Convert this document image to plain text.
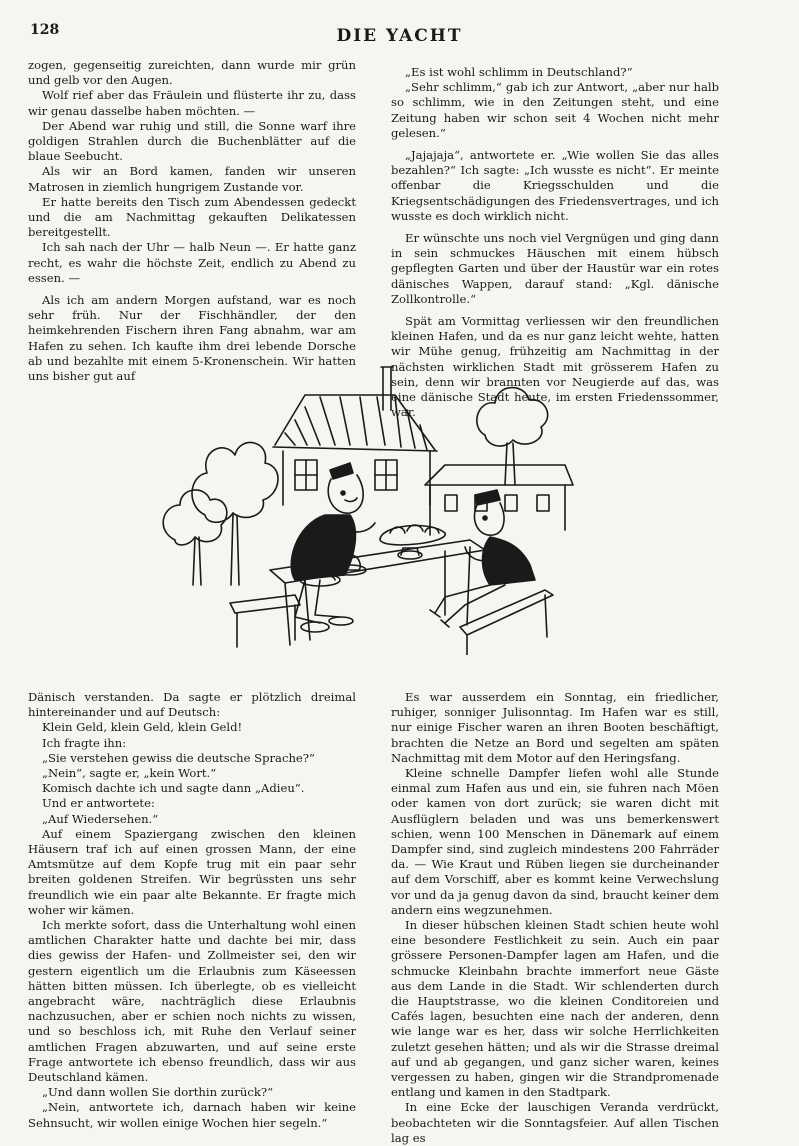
128	DIE YACHT

zogen, gegenseitig zureichten, dann wurde mir grün und gelb vor den Augen.

Wolf rief aber das Fräulein und flüsterte ihr zu, dass wir genau dasselbe haben möchten. —

Der Abend war ruhig und still, die Sonne warf ihre goldigen Strahlen durch die Buchenblätter auf die blaue Seebucht.

Als wir an Bord kamen, fanden wir unseren Matrosen in ziemlich hungrigem Zustande vor.

Er hatte bereits den Tisch zum Abendessen gedeckt und die am Nachmittag gekauften Delikatessen bereitgestellt.

Ich sah nach der Uhr — halb Neun —. Er hatte ganz recht, es wahr die höchste Zeit, endlich zu Abend zu essen. —

Als ich am andern Morgen aufstand, war es noch sehr früh. Nur der Fischhändler, der den heimkehrenden Fischern ihren Fang abnahm, war am Hafen zu sehen. Ich kaufte ihm drei lebende Dorsche ab und bezahlte mit einem 5-Kronenschein. Wir hatten uns bisher gut auf

„Es ist wohl schlimm in Deutschland?“

„Sehr schlimm,“ gab ich zur Antwort, „aber nur halb so schlimm, wie in den Zeitungen steht, und eine Zeitung haben wir schon seit 4 Wochen nicht mehr gelesen.“

„Jajajaja“, antwortete er. „Wie wollen Sie das alles bezahlen?“ Ich sagte: „Ich wusste es nicht“. Er meinte offenbar die Kriegsschulden und die Kriegsentschädigungen des Friedensvertrages, und ich wusste es doch wirklich nicht.

Er wünschte uns noch viel Vergnügen und ging dann in sein schmuckes Häuschen mit einem hübsch gepflegten Garten und über der Haustür war ein rotes dänisches Wappen, darauf stand: „Kgl. dänische Zollkontrolle.“

Spät am Vormittag verliessen wir den freundlichen kleinen Hafen, und da es nur ganz leicht wehte, hatten wir Mühe genug, frühzeitig am Nachmittag in der nächsten wirklichen Stadt mit grösserem Hafen zu sein, denn wir brannten vor Neugierde auf das, was eine dänische Stadt heute, im ersten Friedenssommer, war.

Dänisch verstanden. Da sagte er plötzlich dreimal hintereinander und auf Deutsch:

Klein Geld, klein Geld, klein Geld!

Ich fragte ihn:

„Sie verstehen gewiss die deutsche Sprache?“

„Nein“, sagte er, „kein Wort.“

Komisch dachte ich und sagte dann „Adieu“.

Und er antwortete:

„Auf Wiedersehen.“

Auf einem Spaziergang zwischen den kleinen Häusern traf ich auf einen grossen Mann, der eine Amtsmütze auf dem Kopfe trug mit ein paar sehr breiten goldenen Streifen. Wir begrüssten uns sehr freundlich wie ein paar alte Bekannte. Er fragte mich woher wir kämen.

Ich merkte sofort, dass die Unterhaltung wohl einen amtlichen Charakter hatte und dachte bei mir, dass dies gewiss der Hafen- und Zollmeister sei, den wir gestern eigentlich um die Erlaubnis zum Käseessen hätten bitten müssen. Ich überlegte, ob es vielleicht angebracht wäre, nachträglich diese Erlaubnis nachzusuchen, aber er schien noch nichts zu wissen, und so beschloss ich, mit Ruhe den Verlauf seiner amtlichen Fragen abzuwarten, und auf seine erste Frage antwortete ich ebenso freundlich, dass wir aus Deutschland kämen.

„Und dann wollen Sie dorthin zurück?“

„Nein, antwortete ich, darnach haben wir keine Sehnsucht, wir wollen einige Wochen hier segeln.“

Es war ausserdem ein Sonntag, ein friedlicher, ruhiger, sonniger Julisonntag. Im Hafen war es still, nur einige Fischer waren an ihren Booten beschäftigt, brachten die Netze an Bord und segelten am späten Nachmittag mit dem Motor auf den Heringsfang.

Kleine schnelle Dampfer liefen wohl alle Stunde einmal zum Hafen aus und ein, sie fuhren nach Möen oder kamen von dort zurück; sie waren dicht mit Ausflüglern beladen und was uns bemerkenswert schien, wenn 100 Menschen in Dänemark auf einem Dampfer sind, sind zugleich mindestens 200 Fahrräder da. — Wie Kraut und Rüben liegen sie durcheinander auf dem Vorschiff, aber es kommt keine Verwechslung vor und da ja genug davon da sind, braucht keiner dem andern eins wegzunehmen.

In dieser hübschen kleinen Stadt schien heute wohl eine besondere Festlichkeit zu sein. Auch ein paar grössere Personen-Dampfer lagen am Hafen, und die schmucke Kleinbahn brachte immerfort neue Gäste aus dem Lande in die Stadt. Wir schlenderten durch die Hauptstrasse, wo die kleinen Conditoreien und Cafés lagen, besuchten eine nach der anderen, denn wie lange war es her, dass wir solche Herrlichkeiten zuletzt gesehen hätten; und als wir die Strasse dreimal auf und ab gegangen, und ganz sicher waren, keines vergessen zu haben, gingen wir die Strandpromenade entlang und kamen in den Stadtpark.

In eine Ecke der lauschigen Veranda verdrückt, beobachteten wir die Sonntagsfeier. Auf allen Tischen lag es
